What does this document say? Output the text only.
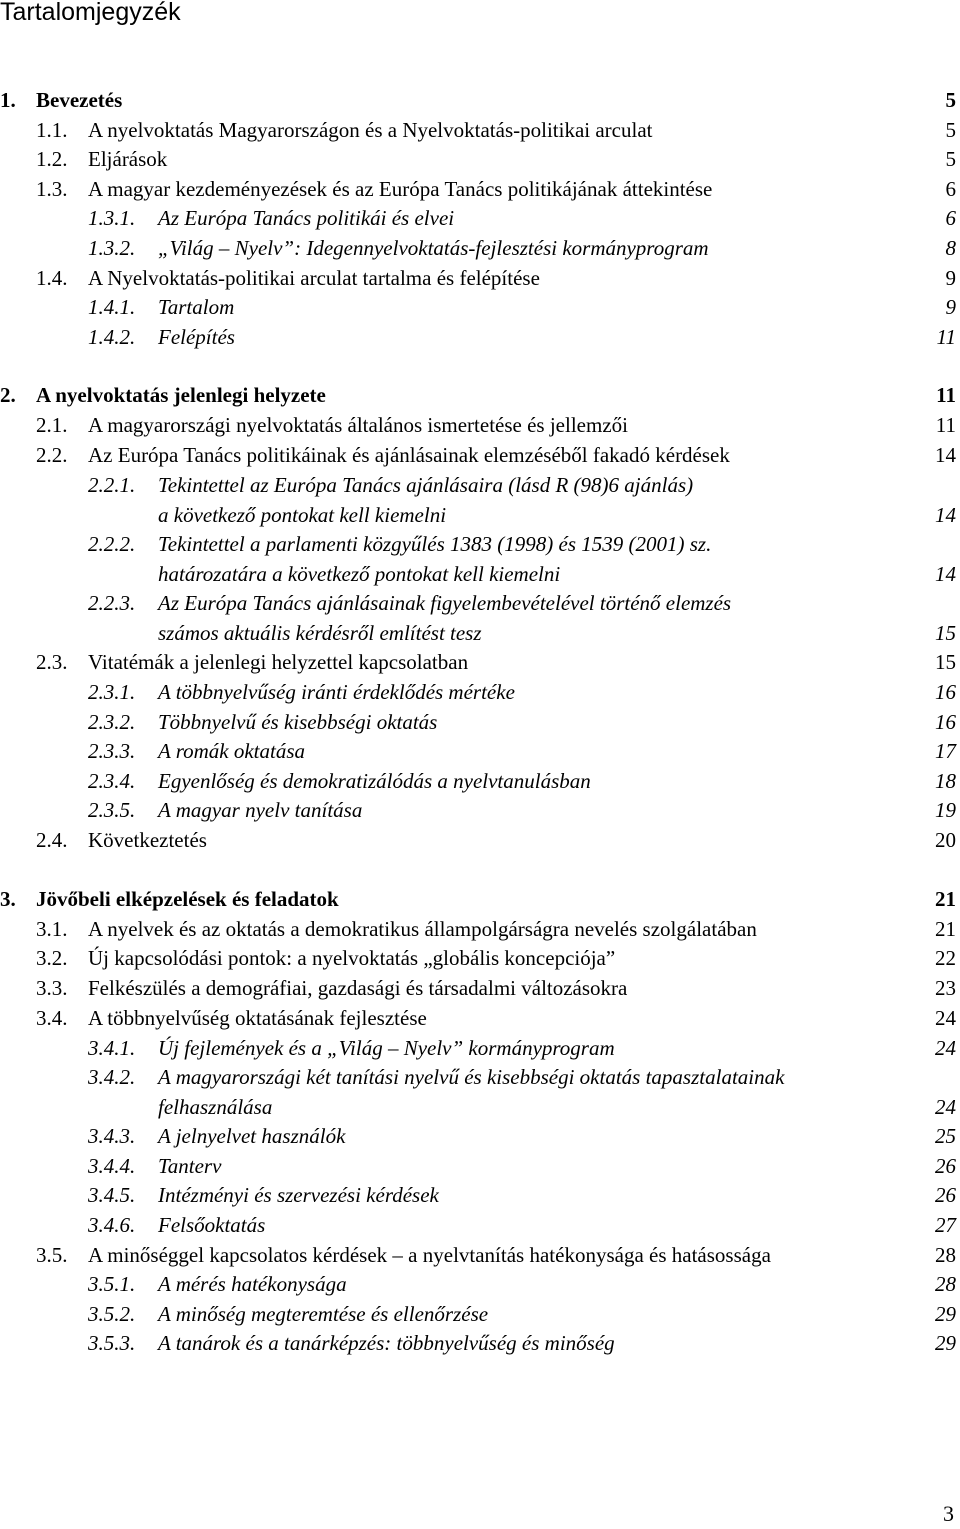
Tartalomjegyzék
1. Bevezetés	5
1.1. A nyelvoktatás Magyarországon és a Nyelvoktatás-politikai arculat	5
1.2. Eljárások	5
1.3. A magyar kezdeményezések és az Európa Tanács politikájának áttekintése	6
1.3.1. Az Európa Tanács politikái és elvei	6
1.3.2. „Világ – Nyelv”: Idegennyelvoktatás-fejlesztési kormányprogram	8
1.4. A Nyelvoktatás-politikai arculat tartalma és felépítése	9
1.4.1. Tartalom	9
1.4.2. Felépítés	11
2. A nyelvoktatás jelenlegi helyzete	11
2.1. A magyarországi nyelvoktatás általános ismertetése és jellemzői	11
2.2. Az Európa Tanács politikáinak és ajánlásainak elemzéséből fakadó kérdések	14
2.2.1. Tekintettel az Európa Tanács ajánlásaira (lásd R (98)6 ajánlás)
a következő pontokat kell kiemelni	14
2.2.2. Tekintettel a parlamenti közgyűlés 1383 (1998) és 1539 (2001) sz.
határozatára a következő pontokat kell kiemelni	14
2.2.3. Az Európa Tanács ajánlásainak figyelembevételével történő elemzés
számos aktuális kérdésről említést tesz	15
2.3. Vitatémák a jelenlegi helyzettel kapcsolatban	15
2.3.1. A többnyelvűség iránti érdeklődés mértéke	16
2.3.2. Többnyelvű és kisebbségi oktatás	16
2.3.3. A romák oktatása	17
2.3.4. Egyenlőség és demokratizálódás a nyelvtanulásban	18
2.3.5. A magyar nyelv tanítása	19
2.4. Következtetés	20
3. Jövőbeli elképzelések és feladatok	21
3.1. A nyelvek és az oktatás a demokratikus állampolgárságra nevelés szolgálatában	21
3.2. Új kapcsolódási pontok: a nyelvoktatás „globális koncepciója”	22
3.3. Felkészülés a demográfiai, gazdasági és társadalmi változásokra	23
3.4. A többnyelvűség oktatásának fejlesztése	24
3.4.1. Új fejlemények és a „Világ – Nyelv” kormányprogram	24
3.4.2. A magyarországi két tanítási nyelvű és kisebbségi oktatás tapasztalatainak
felhasználása	24
3.4.3. A jelnyelvet használók	25
3.4.4. Tanterv	26
3.4.5. Intézményi és szervezési kérdések	26
3.4.6. Felsőoktatás	27
3.5. A minőséggel kapcsolatos kérdések – a nyelvtanítás hatékonysága és hatásossága	28
3.5.1. A mérés hatékonysága	28
3.5.2. A minőség megteremtése és ellenőrzése	29
3.5.3. A tanárok és a tanárképzés: többnyelvűség és minőség	29
3
